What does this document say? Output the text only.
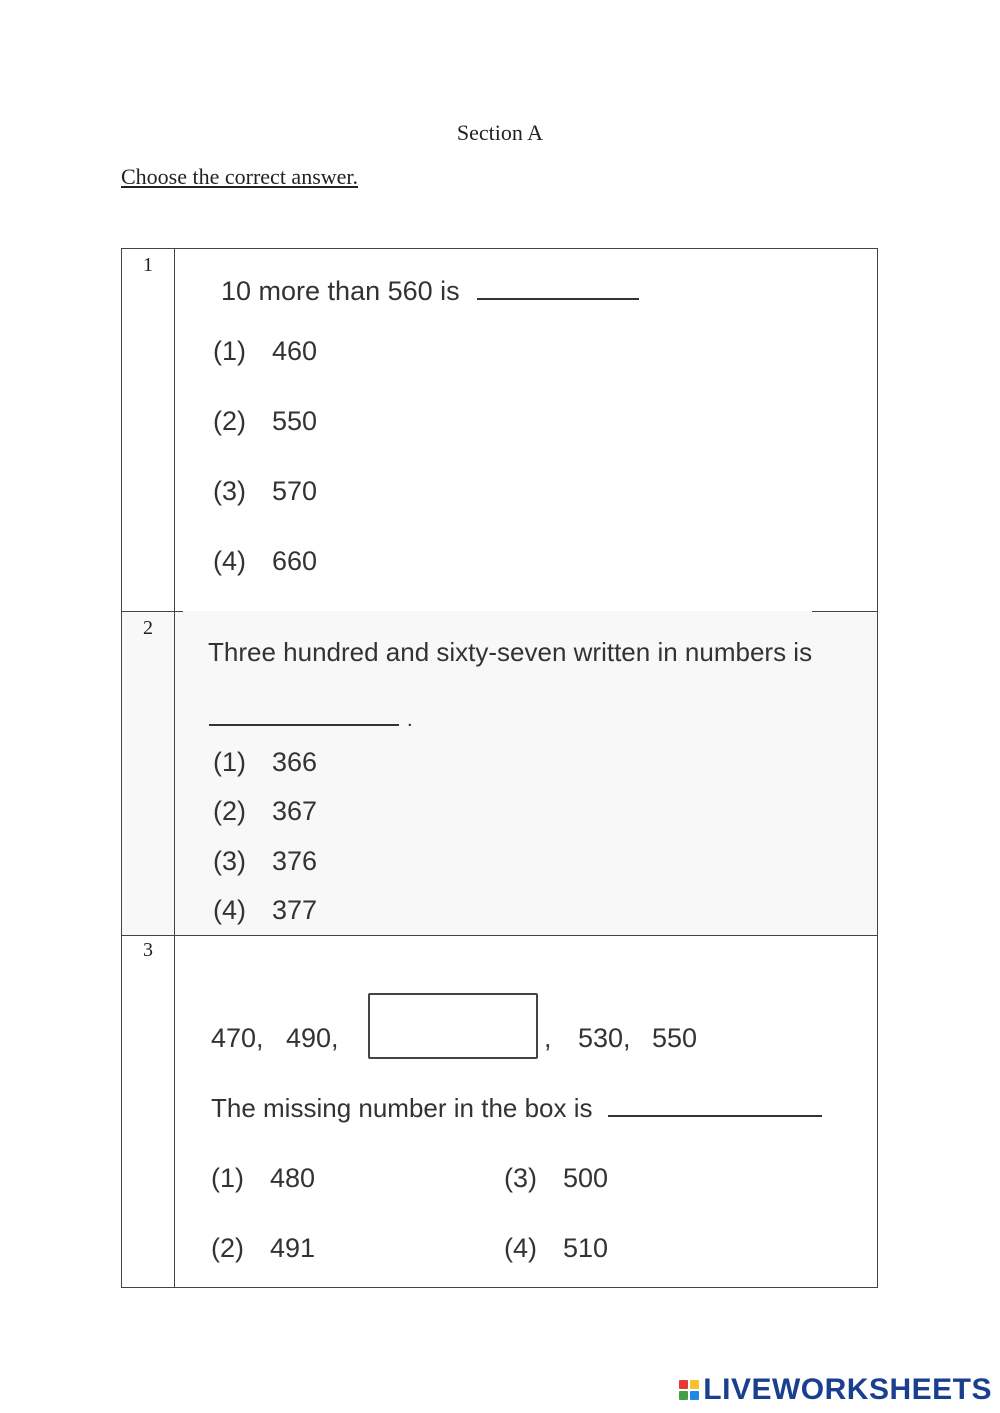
Section A
Choose the correct answer.
1
10 more than 560 is
(1) 460
(2) 550
(3) 570
(4) 660
2
Three hundred and sixty-seven written in numbers is
.
(1) 366
(2) 367
(3) 376
(4) 377
3
470, 490,	, 530, 550
The missing number in the box is
(1) 480
(2) 491
(3) 500
(4) 510
LIVEWORKSHEETS
